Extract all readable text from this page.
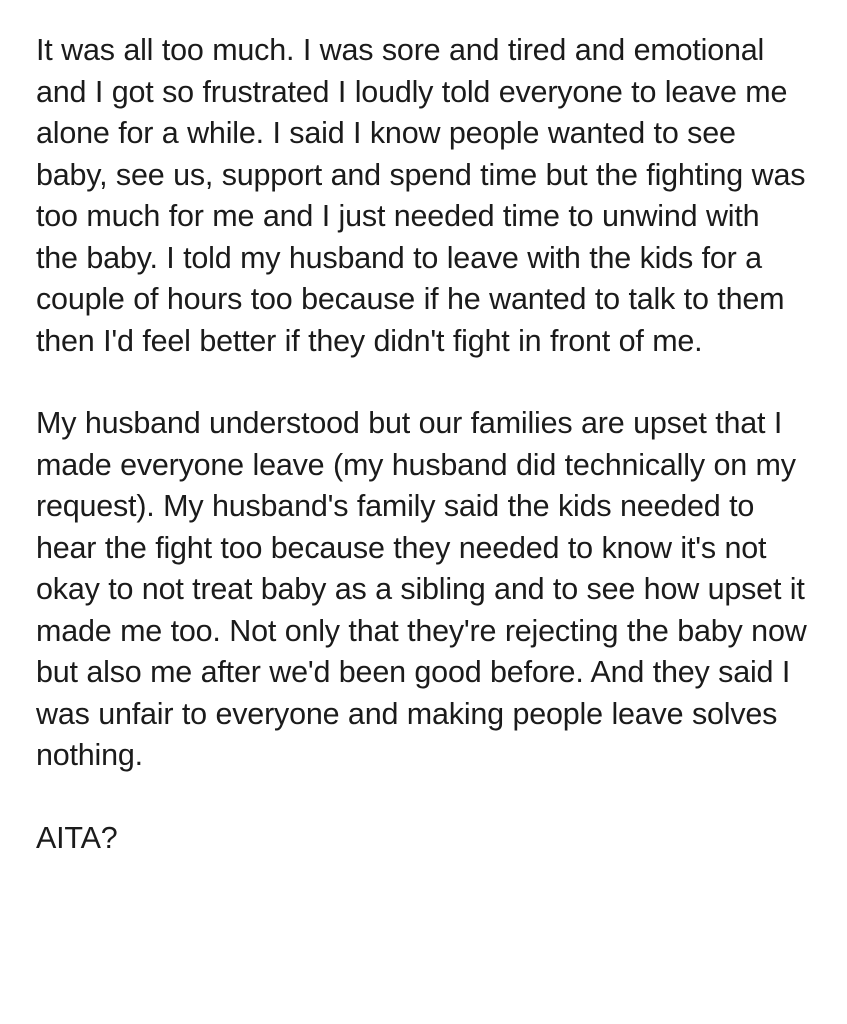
It was all too much. I was sore and tired and emotional and I got so frustrated I loudly told everyone to leave me alone for a while. I said I know people wanted to see baby, see us, support and spend time but the fighting was too much for me and I just needed time to unwind with the baby. I told my husband to leave with the kids for a couple of hours too because if he wanted to talk to them then I'd feel better if they didn't fight in front of me.

My husband understood but our families are upset that I made everyone leave (my husband did technically on my request). My husband's family said the kids needed to hear the fight too because they needed to know it's not okay to not treat baby as a sibling and to see how upset it made me too. Not only that they're rejecting the baby now but also me after we'd been good before. And they said I was unfair to everyone and making people leave solves nothing.

AITA?
